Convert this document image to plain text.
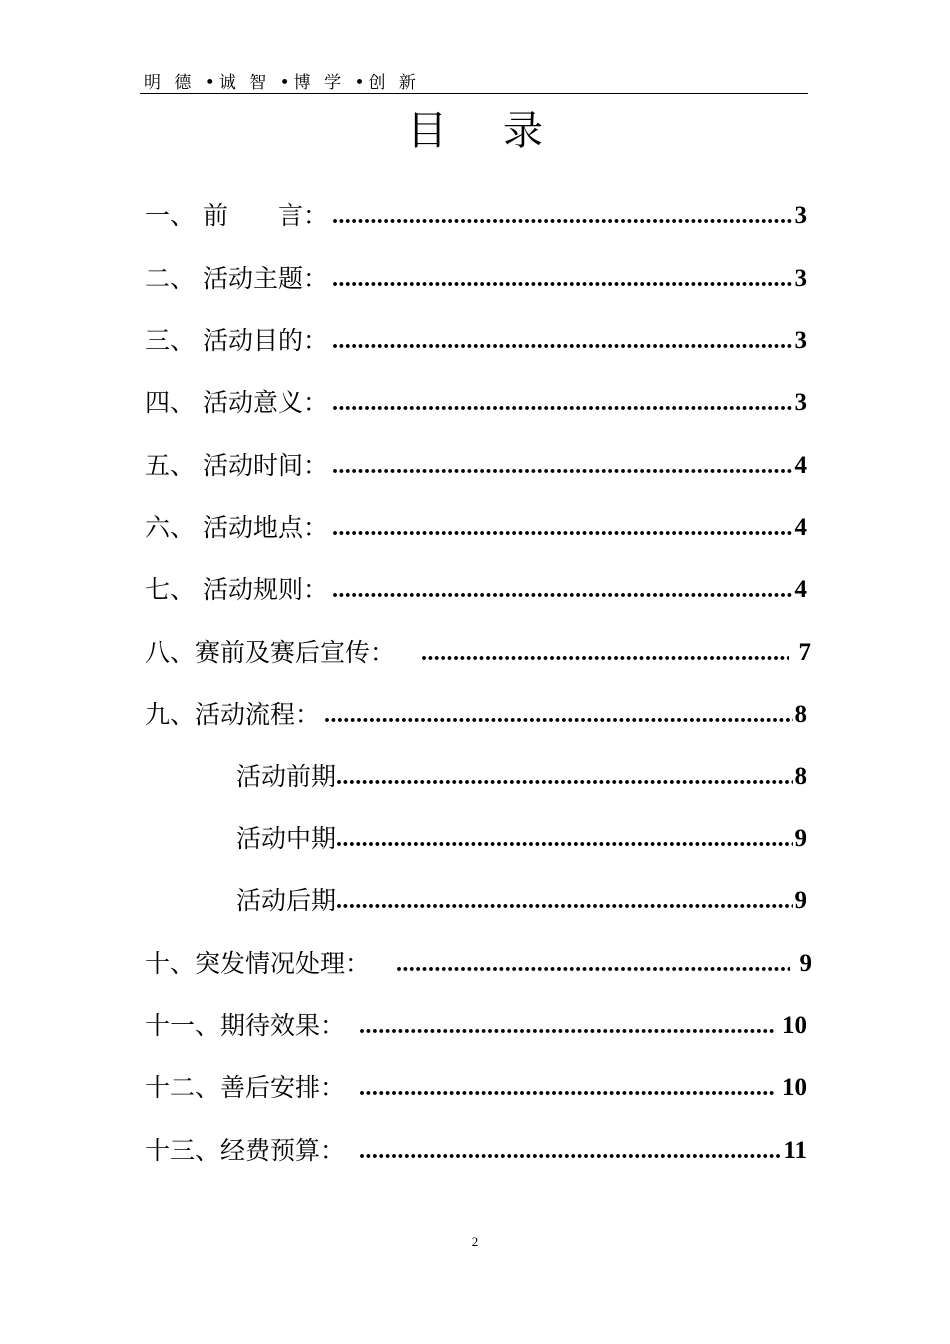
明 德 •诚 智 •博 学 •创 新
目录
一、 前　　言： .....	3
二、 活动主题： .....	3
三、 活动目的： .....	3
四、 活动意义： .....	3
五、 活动时间： .....	4
六、 活动地点： .....	4
七、 活动规则： .....	4
八、赛前及赛后宣传： .....	7
九、活动流程： .....	8
活动前期 .....	8
活动中期 .....	9
活动后期 .....	9
十、突发情况处理： .....	9
十一、期待效果： .....	10
十二、善后安排： .....	10
十三、经费预算： .....	11
2
